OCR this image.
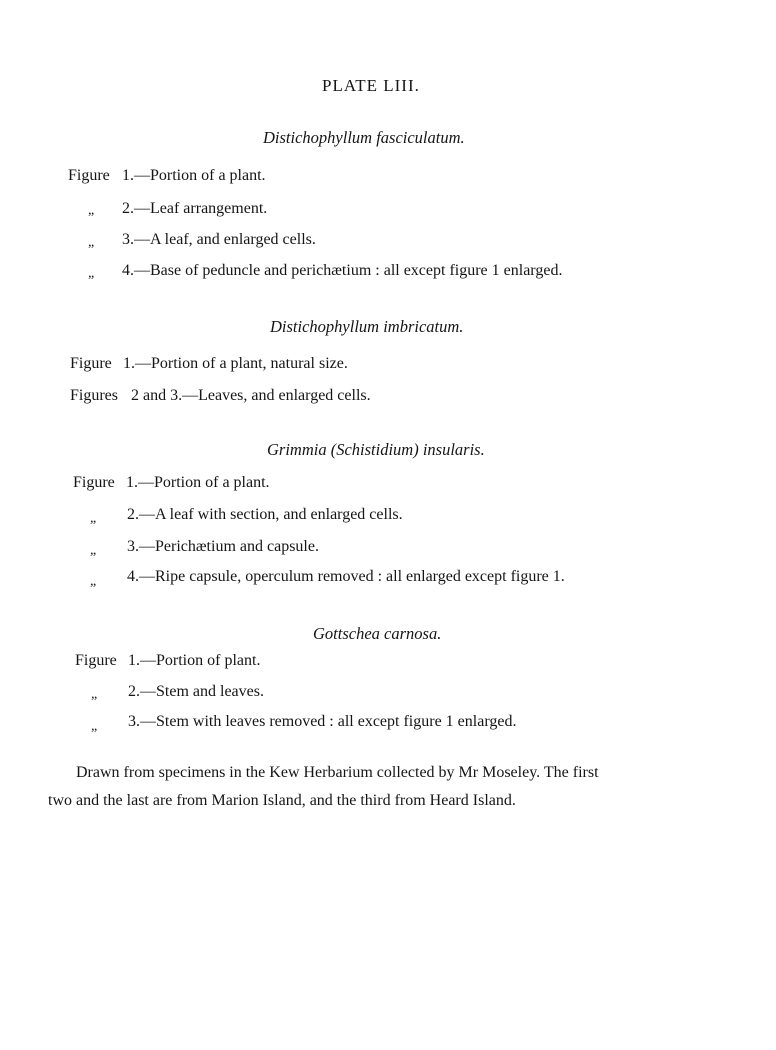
PLATE LIII.
Distichophyllum fasciculatum.
Figure 1.—Portion of a plant.
„ 2.—Leaf arrangement.
„ 3.—A leaf, and enlarged cells.
„ 4.—Base of peduncle and perichætium : all except figure 1 enlarged.
Distichophyllum imbricatum.
Figure 1.—Portion of a plant, natural size.
Figures 2 and 3.—Leaves, and enlarged cells.
Grimmia (Schistidium) insularis.
Figure 1.—Portion of a plant.
„ 2.—A leaf with section, and enlarged cells.
„ 3.—Perichætium and capsule.
„ 4.—Ripe capsule, operculum removed : all enlarged except figure 1.
Gottschea carnosa.
Figure 1.—Portion of plant.
„ 2.—Stem and leaves.
„ 3.—Stem with leaves removed : all except figure 1 enlarged.
Drawn from specimens in the Kew Herbarium collected by Mr Moseley. The first
two and the last are from Marion Island, and the third from Heard Island.
